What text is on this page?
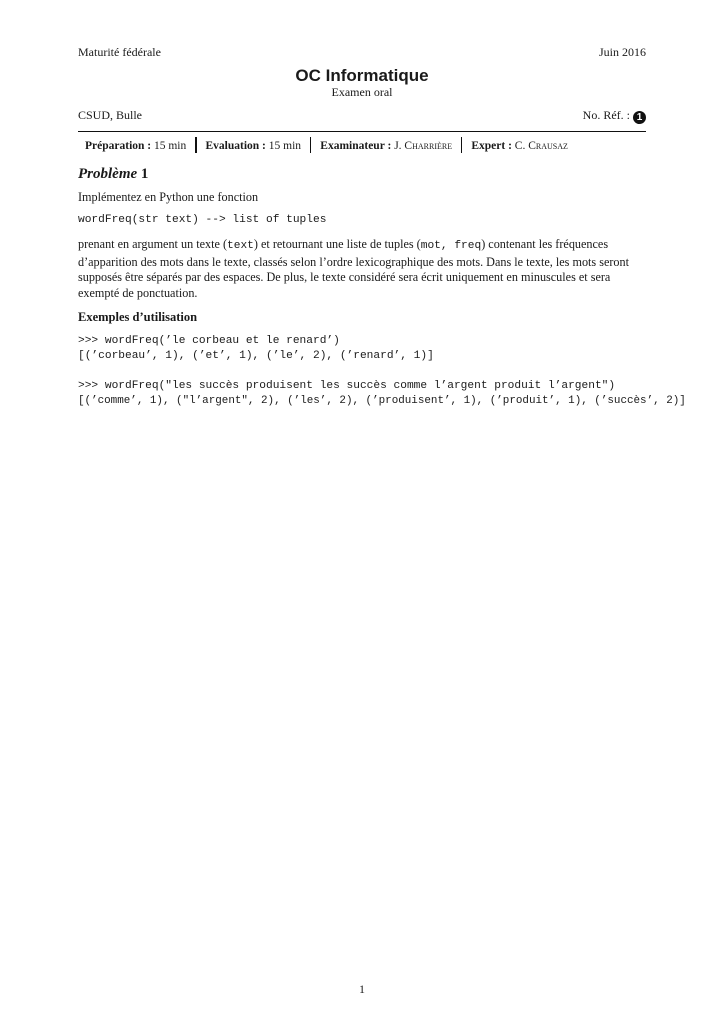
Maturité fédérale	Juin 2016
OC Informatique
Examen oral
CSUD, Bulle	No. Réf. : 1
Préparation : 15 min Evaluation : 15 min Examinateur : J. Charrière Expert : C. Crausaz
Problème 1
Implémentez en Python une fonction
wordFreq(str text) --> list of tuples
prenant en argument un texte (text) et retournant une liste de tuples (mot, freq) contenant les fréquences d’apparition des mots dans le texte, classés selon l’ordre lexicographique des mots. Dans le texte, les mots seront supposés être séparés par des espaces. De plus, le texte considéré sera écrit uniquement en minuscules et sera exempté de ponctuation.
Exemples d’utilisation
>>> wordFreq(’le corbeau et le renard’)
[(’corbeau’, 1), (’et’, 1), (’le’, 2), (’renard’, 1)]
>>> wordFreq("les succès produisent les succès comme l’argent produit l’argent")
[(’comme’, 1), ("l’argent", 2), (’les’, 2), (’produisent’, 1), (’produit’, 1), (’succès’, 2)]
1
